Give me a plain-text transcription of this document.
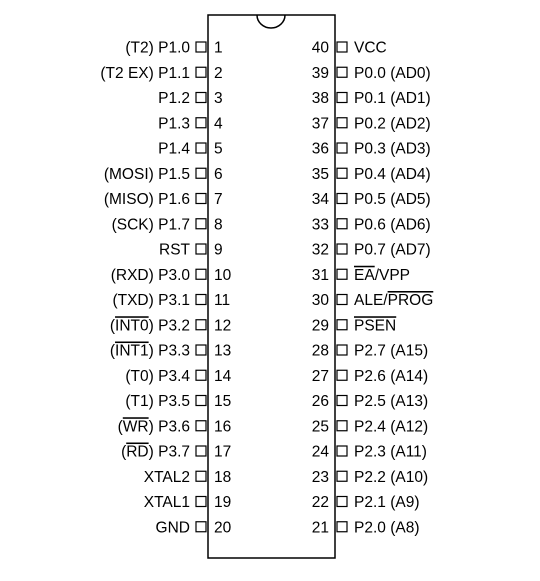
1
(T2) P1.0
2
(T2 EX) P1.1
3
P1.2
4
P1.3
5
P1.4
6
(MOSI) P1.5
7
(MISO) P1.6
8
(SCK) P1.7
9
RST
10
(RXD) P3.0
11
(TXD) P3.1
12
(INT0) P3.2
13
(INT1) P3.3
14
(T0) P3.4
15
(T1) P3.5
16
(WR) P3.6
17
(RD) P3.7
18
XTAL2
19
XTAL1
20
GND
40 VCC
39 P0.0 (AD0)
38 P0.1 (AD1)
37 P0.2 (AD2)
36 P0.3 (AD3)
35 P0.4 (AD4)
34 P0.5 (AD5)
33 P0.6 (AD6)
32 P0.7 (AD7)
31 EA/VPP
30 ALE/PROG
29 PSEN
28 P2.7 (A15)
27 P2.6 (A14)
26 P2.5 (A13)
25 P2.4 (A12)
24 P2.3 (A11)
23 P2.2 (A10)
22 P2.1 (A9)
21 P2.0 (A8)
